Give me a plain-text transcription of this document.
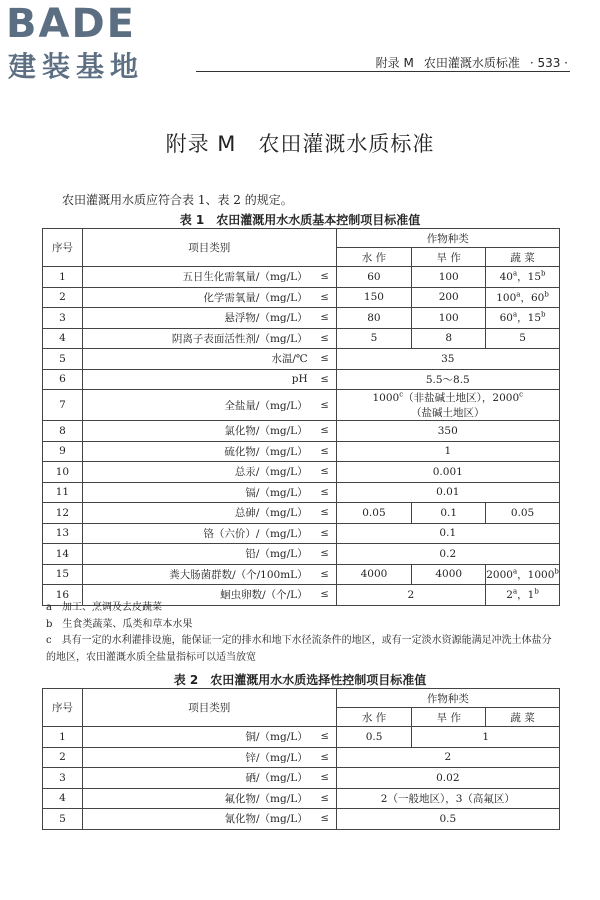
BADE
建装基地	附录 M 农田灌溉水质标准 · 533 ·
附录 M　农田灌溉水质标准
农田灌溉用水质应符合表 1、表 2 的规定。
表 1　农田灌溉用水水质基本控制项目标准值
序号	项目类别		作物种类		
			水 作	旱 作	蔬 菜
1	五日生化需氧量/（mg/L）	≤	60	100	40$^a$，15$^b$
2	化学需氧量/（mg/L）	≤	150	200	100$^a$，60$^b$
3	悬浮物/（mg/L）	≤	80	100	60$^a$，15$^b$
4	阴离子表面活性剂/（mg/L）	≤	5	8	5
5	水温/℃	≤	35		
6	pH	≤	5.5～8.5		
7	全盐量/（mg/L）	≤	$1000^c$（非盐碱土地区），2000$^c$（盐碱土地区）		
8	氯化物/（mg/L）	≤	350		
9	硫化物/（mg/L）	≤	1		
10	总汞/（mg/L）	≤	0.001		
11	镉/（mg/L）	≤	0.01		
12	总砷/（mg/L）	≤	0.05	0.1	0.05
13	铬（六价）/（mg/L）	≤	0.1		
14	铅/（mg/L）	≤	0.2		
15	粪大肠菌群数/（个/100mL）	≤	4000	4000	2000$^a$，1000$^b$
16	蛔虫卵数/（个/L）	≤	2		2$^a$，1$^b$

a　加工、烹调及去皮蔬菜

b　生食类蔬菜、瓜类和草本水果

c　具有一定的水利灌排设施，能保证一定的排水和地下水径流条件的地区，或有一定淡水资源能满足冲洗土体盐分

的地区，农田灌溉水质全盐量指标可以适当放宽

表 2　农田灌溉用水水质选择性控制项目标准值
序号	项目类别		作物种类		
			水 作	旱 作	蔬 菜
1	铜/（mg/L）	≤	0.5	1	
2	锌/（mg/L）	≤	2		
3	硒/（mg/L）	≤	0.02		
4	氟化物/（mg/L）	≤	2（一般地区），3（高氟区）		
5	氰化物/（mg/L）	≤	0.5		
